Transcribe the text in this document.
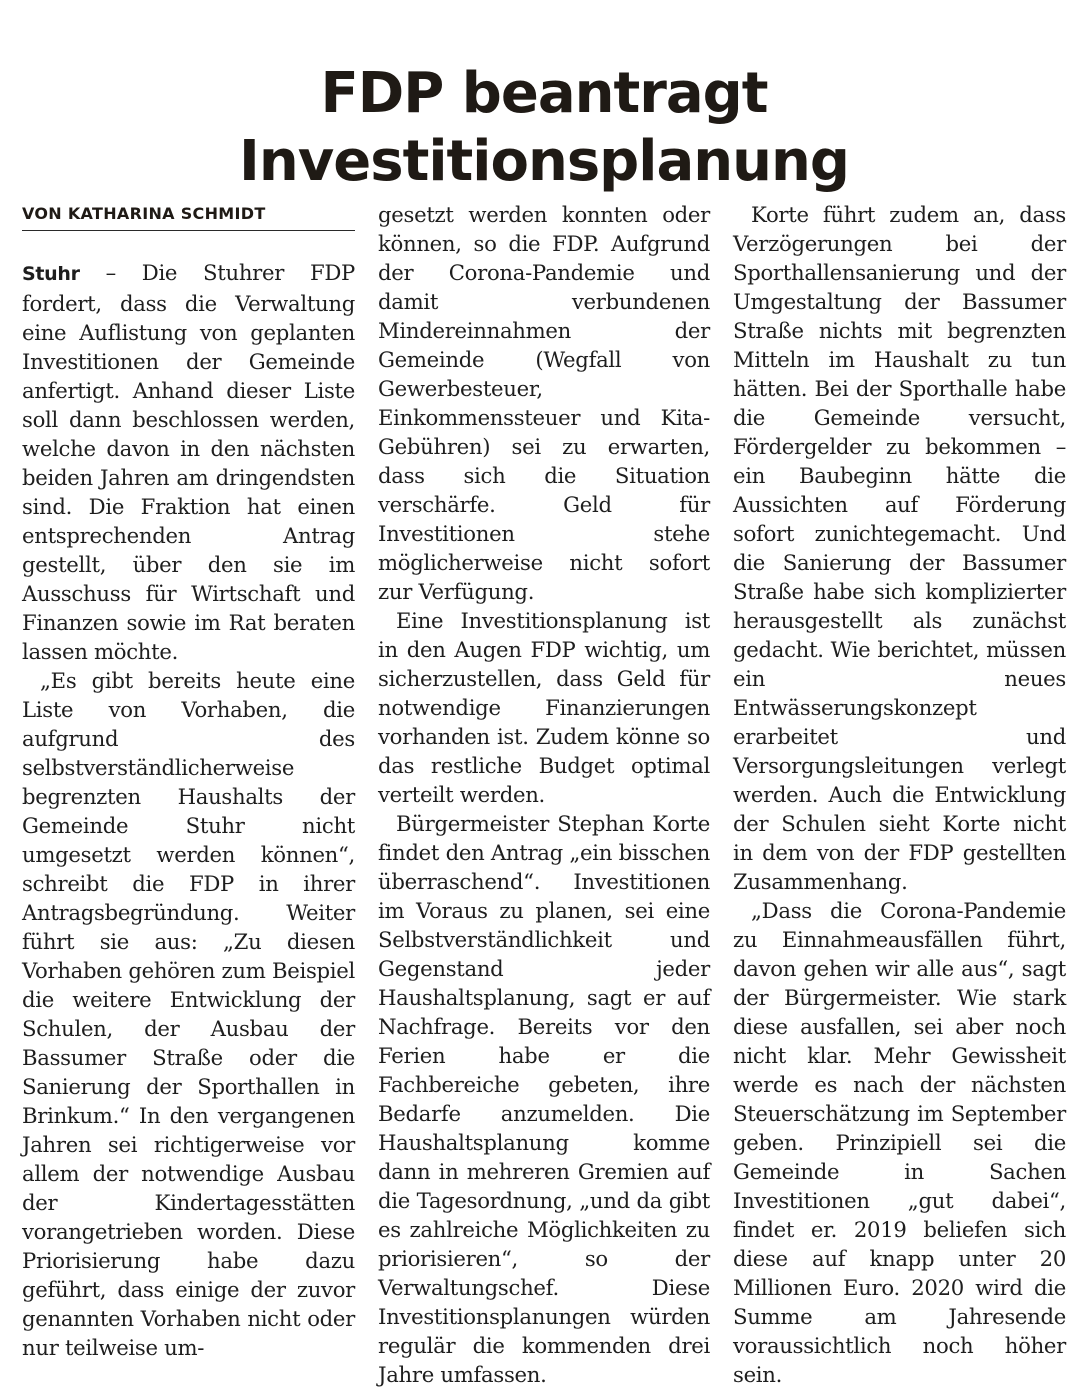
FDP beantragt
Investitionsplanung
VON KATHARINA SCHMIDT

Stuhr – Die Stuhrer FDP fordert, dass die Verwaltung eine Auflistung von geplanten Investitionen der Gemeinde anfertigt. Anhand dieser Liste soll dann beschlossen werden, welche davon in den nächsten beiden Jahren am dringendsten sind. Die Fraktion hat einen entsprechenden Antrag gestellt, über den sie im Ausschuss für Wirtschaft und Finanzen sowie im Rat beraten lassen möchte.

„Es gibt bereits heute eine Liste von Vorhaben, die aufgrund des selbstverständlicherweise begrenzten Haushalts der Gemeinde Stuhr nicht umgesetzt werden können“, schreibt die FDP in ihrer Antragsbegründung. Weiter führt sie aus: „Zu diesen Vorhaben gehören zum Beispiel die weitere Entwicklung der Schulen, der Ausbau der Bassumer Straße oder die Sanierung der Sporthallen in Brinkum.“ In den vergangenen Jahren sei richtigerweise vor allem der notwendige Ausbau der Kindertagesstätten vorangetrieben worden. Diese Priorisierung habe dazu geführt, dass einige der zuvor genannten Vorhaben nicht oder nur teilweise um-

gesetzt werden konnten oder können, so die FDP. Aufgrund der Corona-Pandemie und damit verbundenen Mindereinnahmen der Gemeinde (Wegfall von Gewerbesteuer, Einkommenssteuer und Kita-Gebühren) sei zu erwarten, dass sich die Situation verschärfe. Geld für Investitionen stehe möglicherweise nicht sofort zur Verfügung.

Eine Investitionsplanung ist in den Augen FDP wichtig, um sicherzustellen, dass Geld für notwendige Finanzierungen vorhanden ist. Zudem könne so das restliche Budget optimal verteilt werden.

Bürgermeister Stephan Korte findet den Antrag „ein bisschen überraschend“. Investitionen im Voraus zu planen, sei eine Selbstverständlichkeit und Gegenstand jeder Haushaltsplanung, sagt er auf Nachfrage. Bereits vor den Ferien habe er die Fachbereiche gebeten, ihre Bedarfe anzumelden. Die Haushaltsplanung komme dann in mehreren Gremien auf die Tagesordnung, „und da gibt es zahlreiche Möglichkeiten zu priorisieren“, so der Verwaltungschef. Diese Investitionsplanungen würden regulär die kommenden drei Jahre umfassen.

Korte führt zudem an, dass Verzögerungen bei der Sporthallensanierung und der Umgestaltung der Bassumer Straße nichts mit begrenzten Mitteln im Haushalt zu tun hätten. Bei der Sporthalle habe die Gemeinde versucht, Fördergelder zu bekommen – ein Baubeginn hätte die Aussichten auf Förderung sofort zunichtegemacht. Und die Sanierung der Bassumer Straße habe sich komplizierter herausgestellt als zunächst gedacht. Wie berichtet, müssen ein neues Entwässerungskonzept erarbeitet und Versorgungsleitungen verlegt werden. Auch die Entwicklung der Schulen sieht Korte nicht in dem von der FDP gestellten Zusammenhang.

„Dass die Corona-Pandemie zu Einnahmeausfällen führt, davon gehen wir alle aus“, sagt der Bürgermeister. Wie stark diese ausfallen, sei aber noch nicht klar. Mehr Gewissheit werde es nach der nächsten Steuerschätzung im September geben. Prinzipiell sei die Gemeinde in Sachen Investitionen „gut dabei“, findet er. 2019 beliefen sich diese auf knapp unter 20 Millionen Euro. 2020 wird die Summe am Jahresende voraussichtlich noch höher sein.
